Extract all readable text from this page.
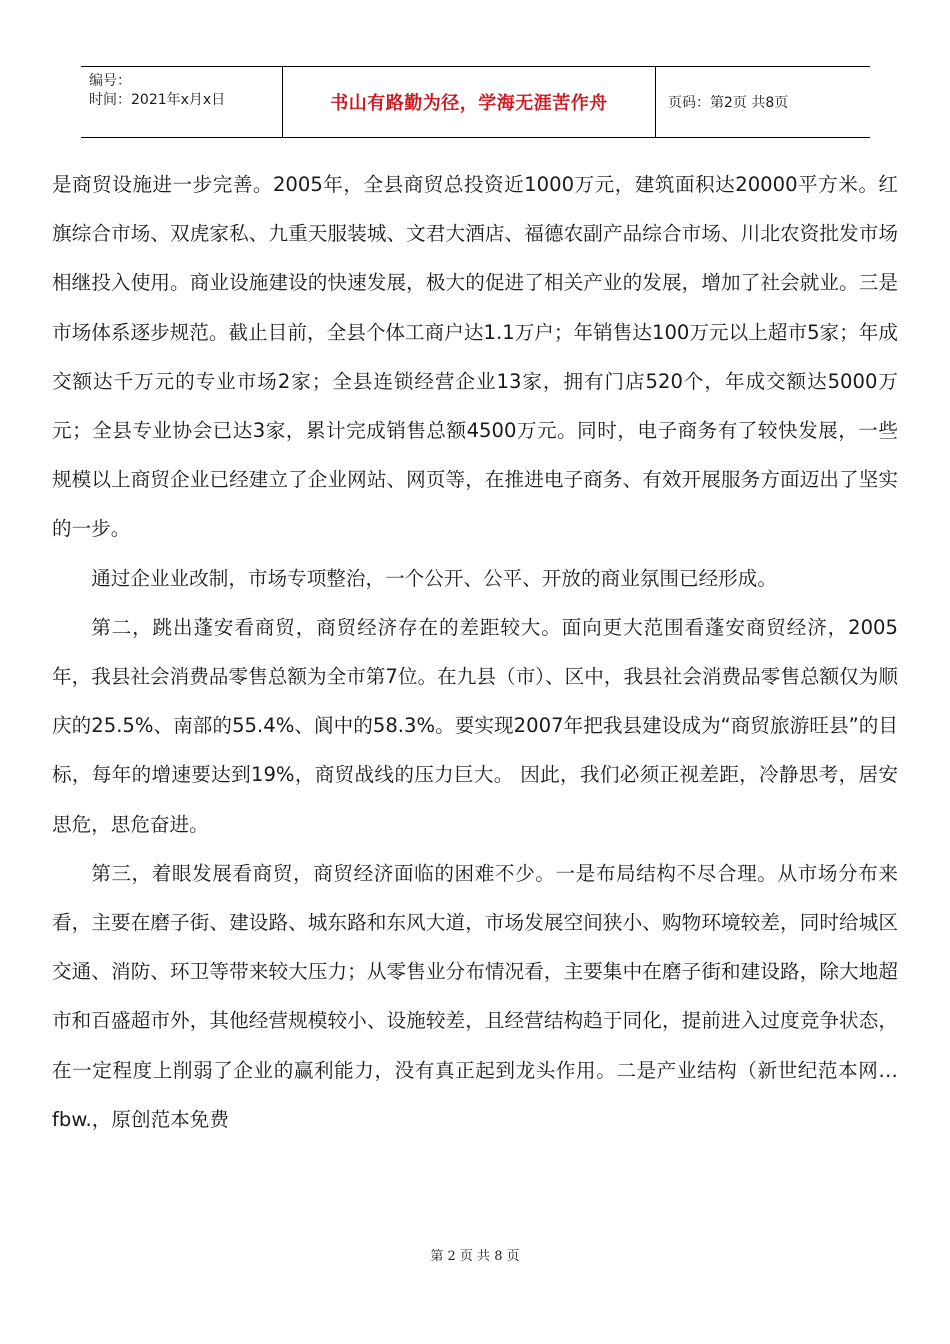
编号：
时间：2021年x月x日	书山有路勤为径，学海无涯苦作舟	页码：第2页 共8页

是商贸设施进一步完善。2005年，全县商贸总投资近1000万元，建筑面积达20000平方米。红旗综合市场、双虎家私、九重天服装城、文君大酒店、福德农副产品综合市场、川北农资批发市场相继投入使用。商业设施建设的快速发展，极大的促进了相关产业的发展，增加了社会就业。三是市场体系逐步规范。截止目前，全县个体工商户达1.1万户；年销售达100万元以上超市5家；年成交额达千万元的专业市场2家；全县连锁经营企业13家，拥有门店520个，年成交额达5000万元；全县专业协会已达3家，累计完成销售总额4500万元。同时，电子商务有了较快发展，一些规模以上商贸企业已经建立了企业网站、网页等，在推进电子商务、有效开展服务方面迈出了坚实的一步。

通过企业业改制，市场专项整治，一个公开、公平、开放的商业氛围已经形成。

第二，跳出蓬安看商贸，商贸经济存在的差距较大。面向更大范围看蓬安商贸经济，2005年，我县社会消费品零售总额为全市第7位。在九县（市）、区中，我县社会消费品零售总额仅为顺庆的25.5%、南部的55.4%、阆中的58.3%。要实现2007年把我县建设成为“商贸旅游旺县”的目标，每年的增速要达到19%，商贸战线的压力巨大。 因此，我们必须正视差距，冷静思考，居安思危，思危奋进。

第三，着眼发展看商贸，商贸经济面临的困难不少。一是布局结构不尽合理。从市场分布来看，主要在磨子街、建设路、城东路和东风大道，市场发展空间狭小、购物环境较差，同时给城区交通、消防、环卫等带来较大压力；从零售业分布情况看，主要集中在磨子街和建设路，除大地超市和百盛超市外，其他经营规模较小、设施较差，且经营结构趋于同化，提前进入过度竞争状态，在一定程度上削弱了企业的赢利能力，没有真正起到龙头作用。二是产业结构（新世纪范本网…fbw.，原创范本免费

第 2 页 共 8 页
